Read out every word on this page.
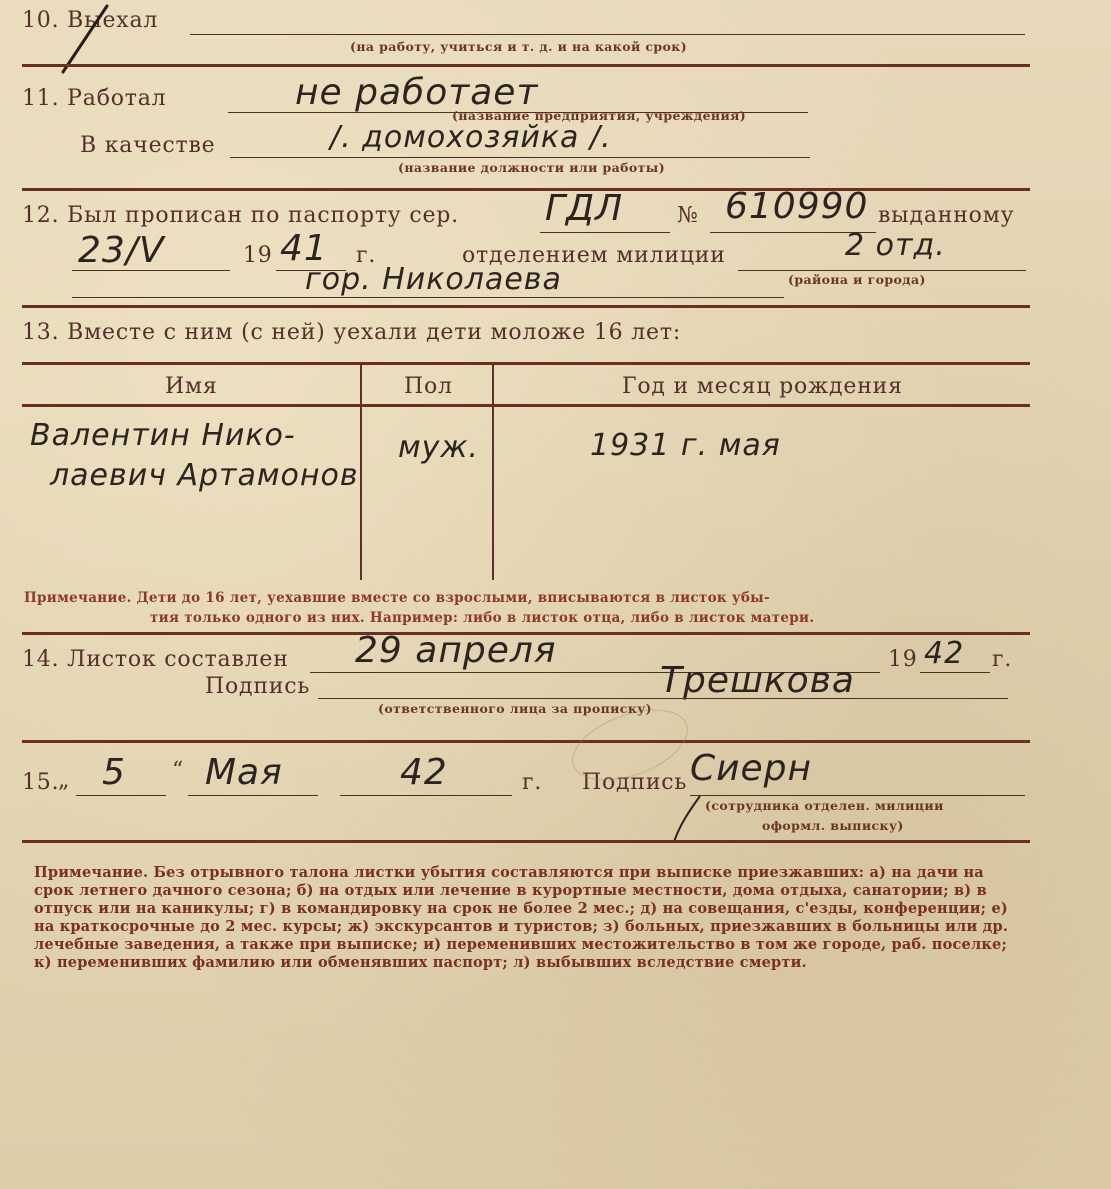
10. Выехал
(на работу, учиться и т. д. и на какой срок)
11. Работал	не работает
(название предприятия, учреждения)
В качестве	/. домохозяйка /.
(название должности или работы)
12. Был прописан по паспорту сер. ГДЛ № 610990 выданному
23/V	19 41 г.	отделением милиции	2 отд.
гор. Николаева	(района и города)
13. Вместе с ним (с ней) уехали дети моложе 16 лет:
Имя	Пол	Год и месяц рождения
Валентин Нико-
лаевич Артамонов
муж.	1931 г. мая
Примечание. Дети до 16 лет, уехавшие вместе со взрослыми, вписываются в листок убы-
тия только одного из них. Например: либо в листок отца, либо в листок матери.
14. Листок составлен 29 апреля	19 42 г.
Подпись	Трешкова
(ответственного лица за прописку)
15.
„ 5 “ Мая	42	г. Подпись Сиерн
(сотрудника отделен. милиции
оформл. выписку)
Примечание. Без отрывного талона листки убытия составляются при выписке приезжавших: а) на дачи на срок летнего дачного сезона; б) на отдых или лечение в курортные местности, дома отдыха, санатории; в) в отпуск или на каникулы; г) в командировку на срок не более 2 мес.; д) на совещания, с'езды, конференции; е) на краткосрочные до 2 мес. курсы; ж) экскурсантов и туристов; з) больных, приезжавших в больницы или др. лечебные заведения, а также при выписке; и) переменивших местожительство в том же городе, раб. поселке; к) переменивших фамилию или обменявших паспорт; л) выбывших вследствие смерти.
